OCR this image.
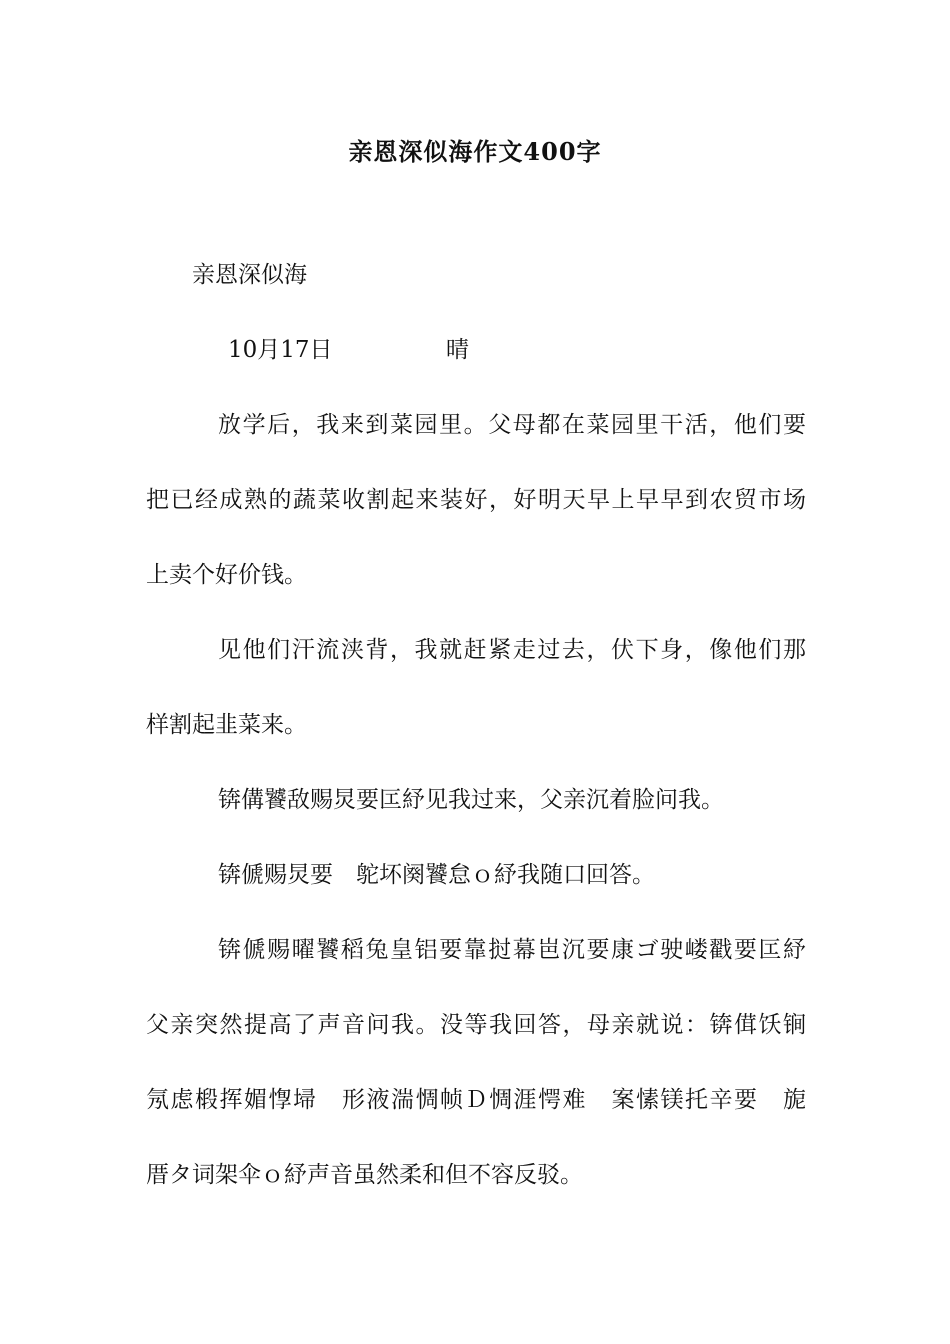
亲恩深似海作文400字
亲恩深似海
10月17日	晴
放学后，我来到菜园里。父母都在菜园里干活，他们要
把已经成熟的蔬菜收割起来装好，好明天早上早早到农贸市场
上卖个好价钱。
见他们汗流浃背，我就赶紧走过去，伏下身，像他们那
样割起韭菜来。
锛傋饕敌赐炅要匞紓见我过来，父亲沉着脸问我。
锛傂赐炅要　鸵坏阕饕怠ｏ紓我随口回答。
锛傂赐曜饕稻兔皇铝要靠挝幕岜沉要康ゴ驶嵝戳要匞紓
父亲突然提高了声音问我。没等我回答，母亲就说：锛傇饫锏
氖虑椴挥媚惸埽　形液湍惆帧Ｄ惆涯愕难　案愫镁托辛要　旎
厝タ词架伞ｏ紓声音虽然柔和但不容反驳。
